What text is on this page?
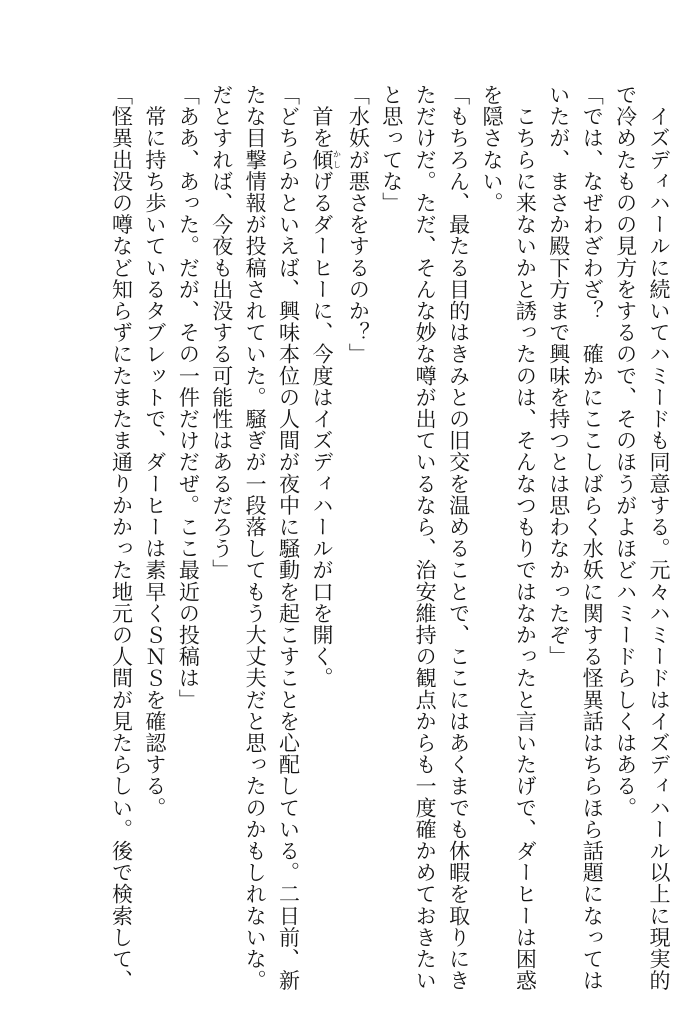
　イズディハールに続いてハミードも同意する。元々ハミードはイズディハール以上に現実的
で冷めたものの見方をするので、そのほうがよほどハミードらしくはある。
「では、なぜわざわざ？　確かにここしばらく水妖に関する怪異話はちらほら話題になっては
いたが、まさか殿下方まで興味を持つとは思わなかったぞ」
　こちらに来ないかと誘ったのは、そんなつもりではなかったと言いたげで、ダーヒーは困惑
を隠さない。
「もちろん、最たる目的はきみとの旧交を温めることで、ここにはあくまでも休暇を取りにき
ただけだ。ただ、そんな妙な噂が出ているなら、治安維持の観点からも一度確かめておきたい
と思ってな」
「水妖が悪さをするのか？」
　首を傾かしげるダーヒーに、今度はイズディハールが口を開く。
「どちらかといえば、興味本位の人間が夜中に騒動を起こすことを心配している。二日前、新
たな目撃情報が投稿されていた。騒ぎが一段落してもう大丈夫だと思ったのかもしれないな。
だとすれば、今夜も出没する可能性はあるだろう」
「ああ、あった。だが、その一件だけだぜ。ここ最近の投稿は」
　常に持ち歩いているタブレットで、ダーヒーは素早くＳＮＳを確認する。
「怪異出没の噂など知らずにたまたま通りかかった地元の人間が見たらしい。後で検索して、
